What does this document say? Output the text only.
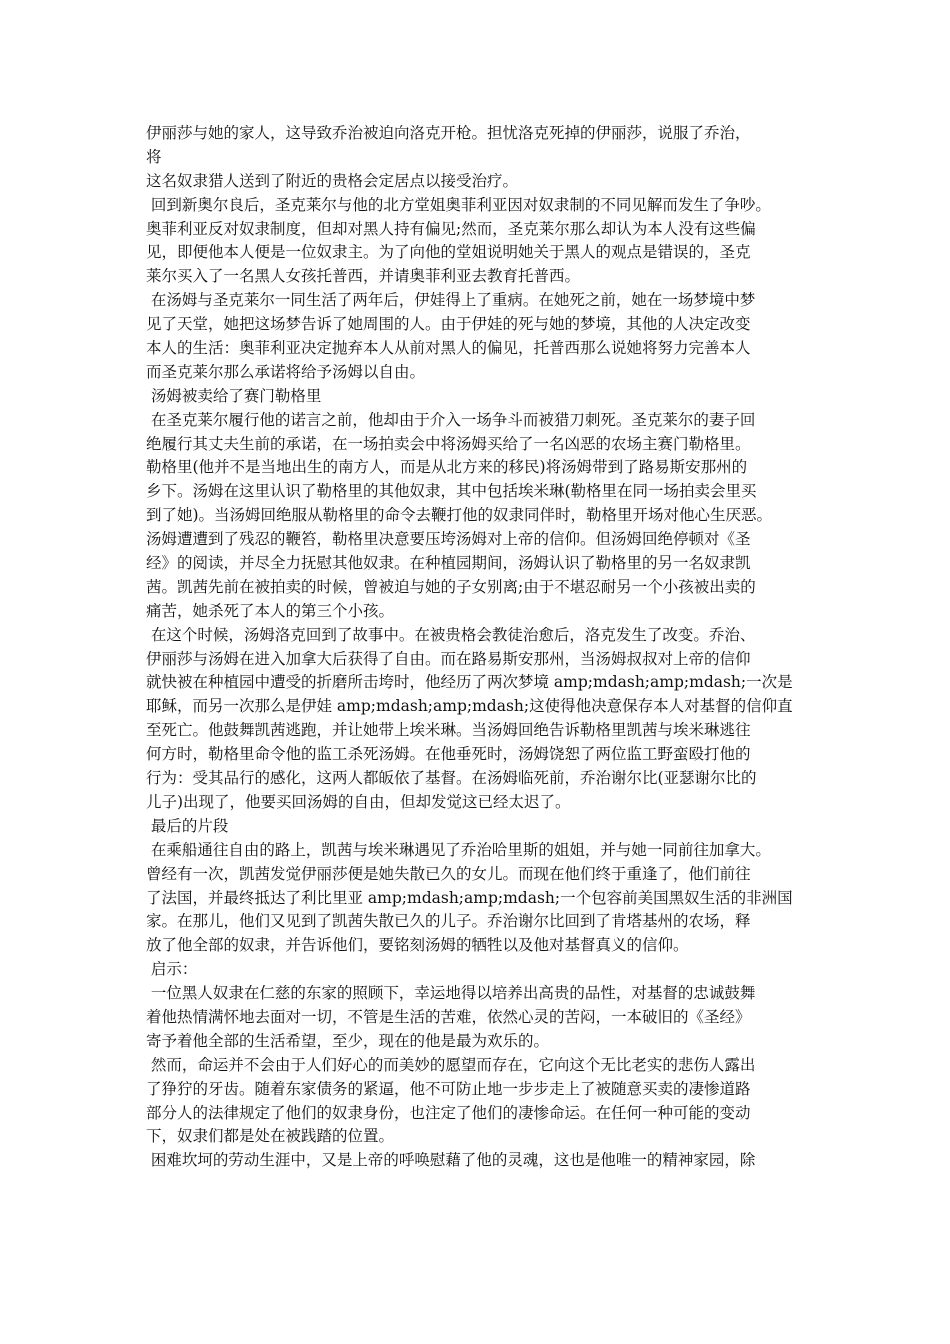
伊丽莎与她的家人，这导致乔治被迫向洛克开枪。担忧洛克死掉的伊丽莎，说服了乔治，
将
这名奴隶猎人送到了附近的贵格会定居点以接受治疗。
回到新奥尔良后，圣克莱尔与他的北方堂姐奥菲利亚因对奴隶制的不同见解而发生了争吵。
奥菲利亚反对奴隶制度，但却对黑人持有偏见;然而，圣克莱尔那么却认为本人没有这些偏
见，即便他本人便是一位奴隶主。为了向他的堂姐说明她关于黑人的观点是错误的，圣克
莱尔买入了一名黑人女孩托普西，并请奥菲利亚去教育托普西。
在汤姆与圣克莱尔一同生活了两年后，伊娃得上了重病。在她死之前，她在一场梦境中梦
见了天堂，她把这场梦告诉了她周围的人。由于伊娃的死与她的梦境，其他的人决定改变
本人的生活：奥菲利亚决定抛弃本人从前对黑人的偏见，托普西那么说她将努力完善本人
而圣克莱尔那么承诺将给予汤姆以自由。
汤姆被卖给了赛门勒格里
在圣克莱尔履行他的诺言之前，他却由于介入一场争斗而被猎刀刺死。圣克莱尔的妻子回
绝履行其丈夫生前的承诺，在一场拍卖会中将汤姆买给了一名凶恶的农场主赛门勒格里。
勒格里(他并不是当地出生的南方人，而是从北方来的移民)将汤姆带到了路易斯安那州的
乡下。汤姆在这里认识了勒格里的其他奴隶，其中包括埃米琳(勒格里在同一场拍卖会里买
到了她)。当汤姆回绝服从勒格里的命令去鞭打他的奴隶同伴时，勒格里开场对他心生厌恶。
汤姆遭遭到了残忍的鞭笞，勒格里决意要压垮汤姆对上帝的信仰。但汤姆回绝停顿对《圣
经》的阅读，并尽全力抚慰其他奴隶。在种植园期间，汤姆认识了勒格里的另一名奴隶凯
茜。凯茜先前在被拍卖的时候，曾被迫与她的子女别离;由于不堪忍耐另一个小孩被出卖的
痛苦，她杀死了本人的第三个小孩。
在这个时候，汤姆洛克回到了故事中。在被贵格会教徒治愈后，洛克发生了改变。乔治、
伊丽莎与汤姆在进入加拿大后获得了自由。而在路易斯安那州，当汤姆叔叔对上帝的信仰
就快被在种植园中遭受的折磨所击垮时，他经历了两次梦境 amp;mdash;amp;mdash;一次是
耶稣，而另一次那么是伊娃 amp;mdash;amp;mdash;这使得他决意保存本人对基督的信仰直
至死亡。他鼓舞凯茜逃跑，并让她带上埃米琳。当汤姆回绝告诉勒格里凯茜与埃米琳逃往
何方时，勒格里命令他的监工杀死汤姆。在他垂死时，汤姆饶恕了两位监工野蛮殴打他的
行为：受其品行的感化，这两人都皈依了基督。在汤姆临死前，乔治谢尔比(亚瑟谢尔比的
儿子)出现了，他要买回汤姆的自由，但却发觉这已经太迟了。
最后的片段
在乘船通往自由的路上，凯茜与埃米琳遇见了乔治哈里斯的姐姐，并与她一同前往加拿大。
曾经有一次，凯茜发觉伊丽莎便是她失散已久的女儿。而现在他们终于重逢了，他们前往
了法国，并最终抵达了利比里亚 amp;mdash;amp;mdash;一个包容前美国黑奴生活的非洲国
家。在那儿，他们又见到了凯茜失散已久的儿子。乔治谢尔比回到了肯塔基州的农场，释
放了他全部的奴隶，并告诉他们，要铭刻汤姆的牺牲以及他对基督真义的信仰。
启示：
一位黑人奴隶在仁慈的东家的照顾下，幸运地得以培养出高贵的品性，对基督的忠诚鼓舞
着他热情满怀地去面对一切，不管是生活的苦难，依然心灵的苦闷，一本破旧的《圣经》
寄予着他全部的生活希望，至少，现在的他是最为欢乐的。
然而，命运并不会由于人们好心的而美妙的愿望而存在，它向这个无比老实的悲伤人露出
了狰狞的牙齿。随着东家债务的紧逼，他不可防止地一步步走上了被随意买卖的凄惨道路
部分人的法律规定了他们的奴隶身份，也注定了他们的凄惨命运。在任何一种可能的变动
下，奴隶们都是处在被践踏的位置。
困难坎坷的劳动生涯中，又是上帝的呼唤慰藉了他的灵魂，这也是他唯一的精神家园，除
